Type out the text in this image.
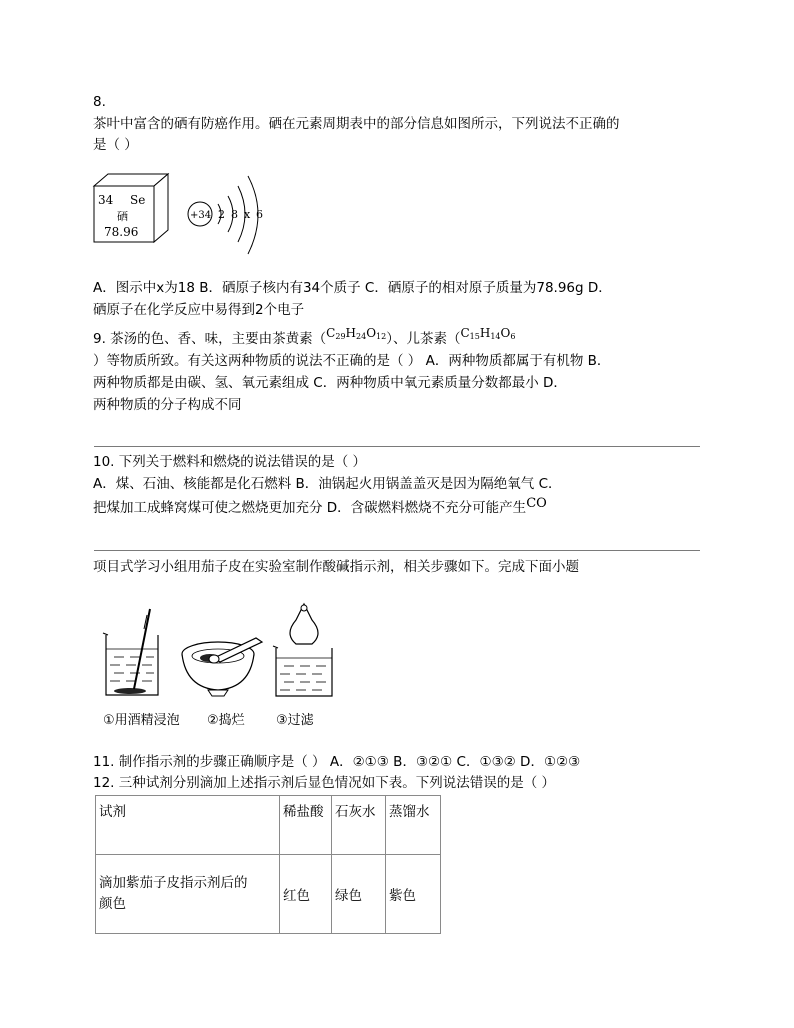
8.
茶叶中富含的硒有防癌作用。硒在元素周期表中的部分信息如图所示，下列说法不正确的
是（ ）
34 Se
硒
78.96
+34 2 8 x 6
A．图示中x为18 B．硒原子核内有34个质子 C．硒原子的相对原子质量为78.96g D．
硒原子在化学反应中易得到2个电子
9. 茶汤的色、香、味，主要由茶黄素$(C_{29}H_{24}O_{12})$、儿茶素（$C_{15}H_{14}O_6$
）等物质所致。有关这两种物质的说法不正确的是（ ） A．两种物质都属于有机物 B．
两种物质都是由碳、氢、氧元素组成 C．两种物质中氧元素质量分数都最小 D．
两种物质的分子构成不同
10. 下列关于燃料和燃烧的说法错误的是（ ）
A．煤、石油、核能都是化石燃料 B．油锅起火用锅盖盖灭是因为隔绝氧气 C．
把煤加工成蜂窝煤可使之燃烧更加充分 D．含碳燃料燃烧不充分可能产生CO
项目式学习小组用茄子皮在实验室制作酸碱指示剂，相关步骤如下。完成下面小题
①用酒精浸泡 ②捣烂 ③过滤
11. 制作指示剂的步骤正确顺序是（ ） A．②①③ B．③②① C．①③② D．①②③
12. 三种试剂分别滴加上述指示剂后显色情况如下表。下列说法错误的是（ ）
试剂	稀盐酸	石灰水	蒸馏水

滴加紫茄子皮指示剂后的
颜色	红色	绿色	紫色
